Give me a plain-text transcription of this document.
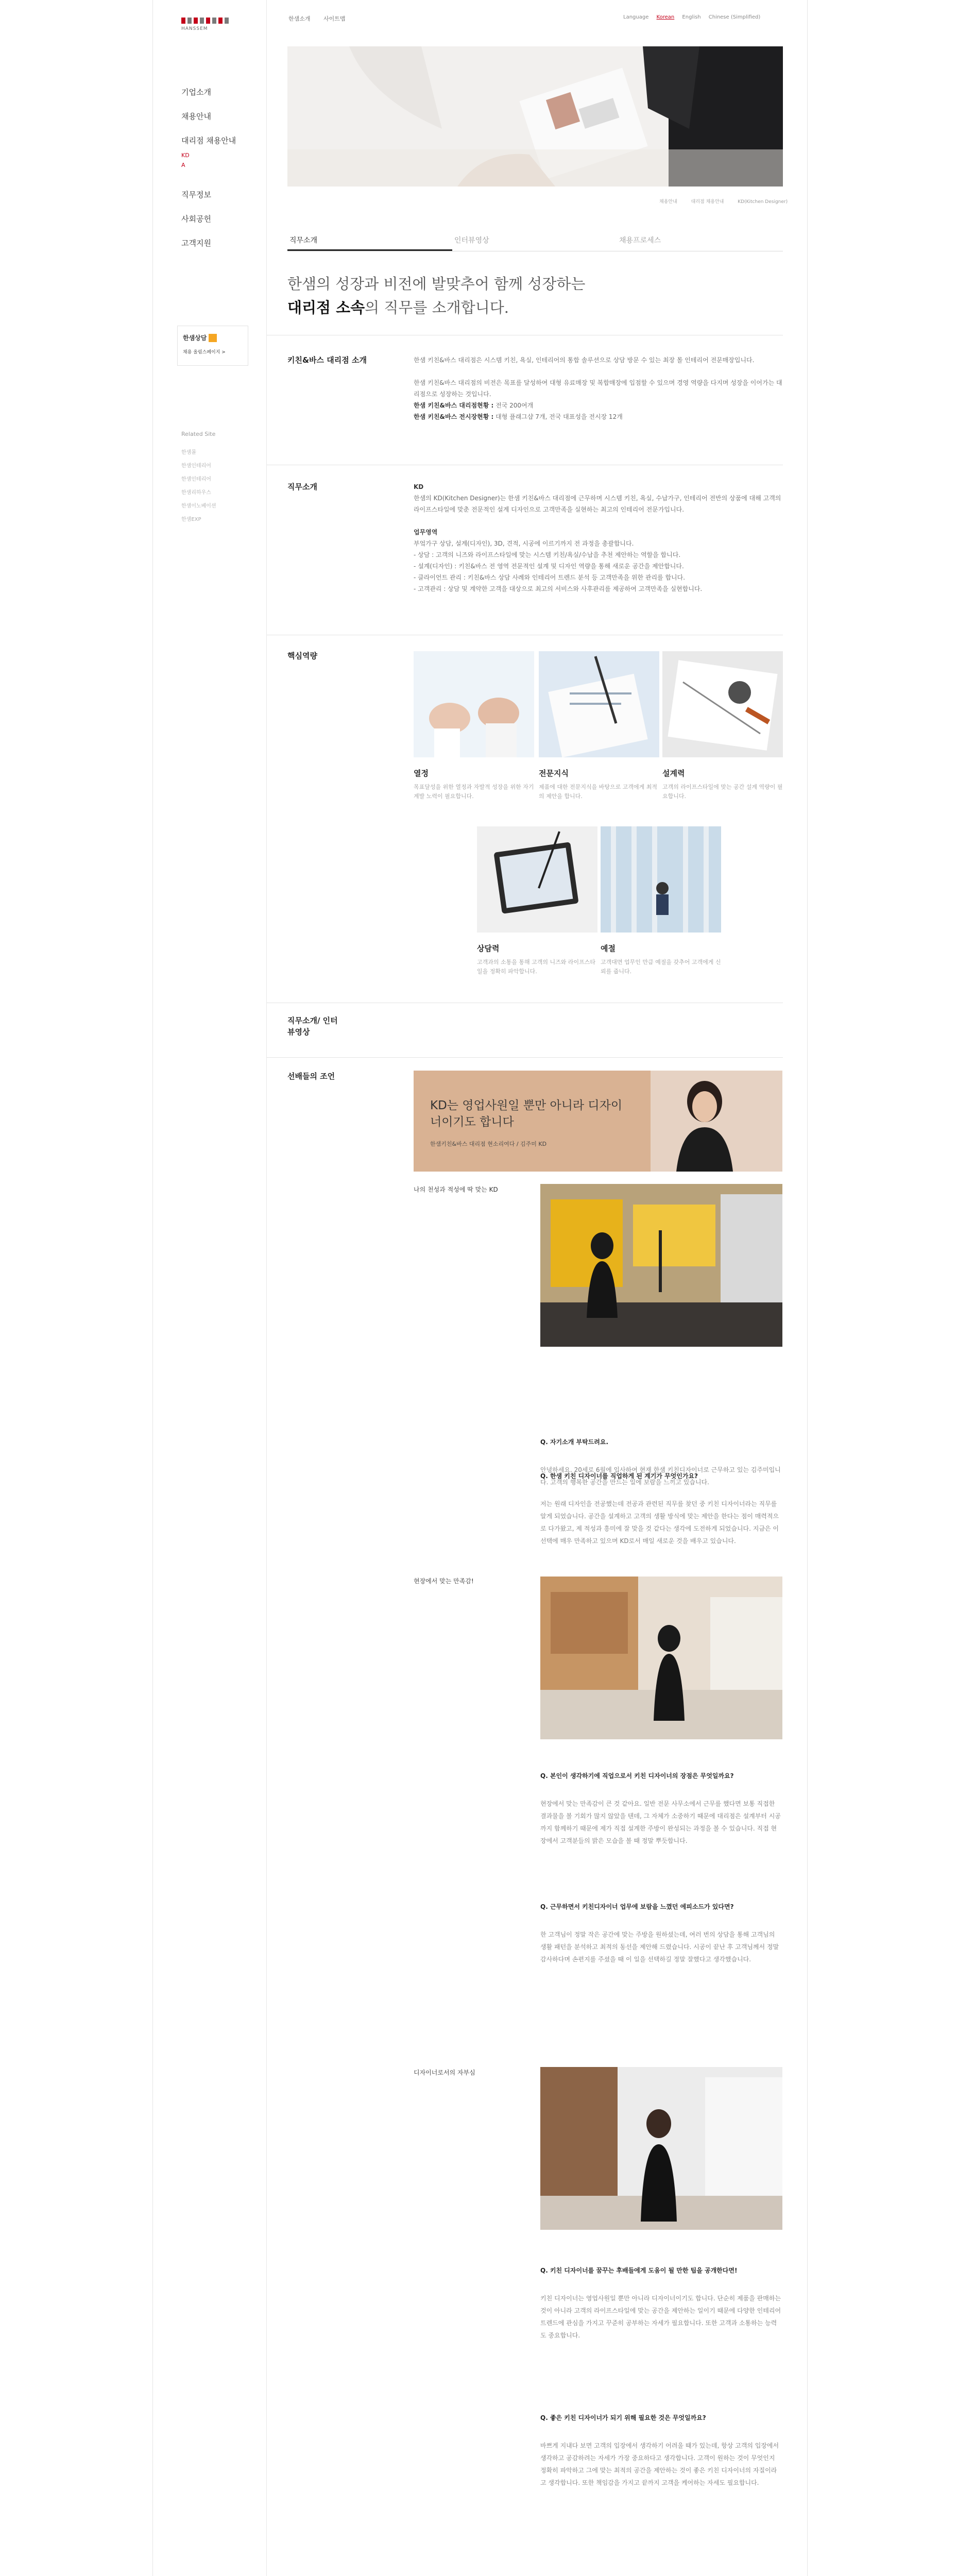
HANSSEM
기업소개
채용안내
대리점 채용안내
KD
A
직무정보
사회공헌
고객지원
한샘상담
채용 올림스페이지 >
Related Site
한샘몰
한샘인테리어
한샘인테리어
한샘리하우스
한샘이노베이션
한샘EXP
한샘소개 사이트맵	Language Korean English Chinese (Simplified)
채용안내	대리점 채용안내	KD(Kitchen Designer)
직무소개	인터뷰영상	채용프로세스
한샘의 성장과 비전에 발맞추어 함께 성장하는
대리점 소속의 직무를 소개합니다.
키친&바스 대리점 소개	한샘 키친&바스 대리점은 시스템 키친, 욕실, 인테리어의 통합 솔루션으로 상담 방문 수 있는 최장 몰 인테리어 전문매장입니다.
한샘 키친&바스 대리점의 비전은 목표를 달성하여 대형 유료매장 및 복합매장에 입점할 수 있으며 경영 역량을 다지며 성장을 이어가는 대리점으로 성장하는 것입니다.
한샘 키친&바스 대리점현황 : 전국 200여개
한샘 키친&바스 전시장현황 : 대형 플래그샵 7개, 전국 대표성을 전시장 12개
직무소개	KD
한샘의 KD(Kitchen Designer)는 한샘 키친&바스 대리점에 근무하며 시스템 키친, 욕실, 수납가구, 인테리어 전반의 상품에 대해 고객의 라이프스타일에 맞춘 전문적인 설계 디자인으로 고객만족을 실현하는 최고의 인테리어 전문가입니다.
업무영역
부엌가구 상담, 설계(디자인), 3D, 견적, 시공에 이르기까지 전 과정을 총괄합니다.
- 상담 : 고객의 니즈와 라이프스타일에 맞는 시스템 키친/욕실/수납을 추천 제안하는 역할을 합니다.
- 설계(디자인) : 키친&바스 전 영역 전문적인 설계 및 디자인 역량을 통해 새로운 공간을 제안합니다.
- 클라이언트 관리 : 키친&바스 상담 사례와 인테리어 트렌드 분석 등 고객만족을 위한 관리를 합니다.
- 고객관리 : 상담 및 계약한 고객을 대상으로 최고의 서비스와 사후관리를 제공하여 고객만족을 실현합니다.
핵심역량
열정
목표달성을 위한 열정과 자발적 성장을 위한 자기계발 노력이 필요합니다.
전문지식
제품에 대한 전문지식을 바탕으로 고객에게 최적의 제안을 합니다.
설계력
고객의 라이프스타일에 맞는 공간 설계 역량이 필요합니다.
상담력
고객과의 소통을 통해 고객의 니즈와 라이프스타일을 정확히 파악합니다.
예절
고객대면 업무인 만큼 예절을 갖추어 고객에게 신뢰를 줍니다.
직무소개/ 인터뷰영상
선배들의 조언
KD는 영업사원일 뿐만 아니라 디자이너이기도 합니다
한샘키친&바스 대리점 현소리여다 / 김주미 KD
나의 천성과 적성에 딱 맞는 KD
Q. 자기소개 부탁드려요.
안녕하세요. 20세로 6월에 입사하여 현재 한샘 키친디자이너로 근무하고 있는 김주미입니다. 고객의 행복한 공간을 만드는 일에 보람을 느끼고 있습니다.
Q. 한샘 키친 디자이너를 직업하게 된 계기가 무엇인가요?
저는 원래 디자인을 전공했는데 전공과 관련된 직무를 찾던 중 키친 디자이너라는 직무를 알게 되었습니다. 공간을 설계하고 고객의 생활 방식에 맞는 제안을 한다는 점이 매력적으로 다가왔고, 제 적성과 흥미에 잘 맞을 것 같다는 생각에 도전하게 되었습니다. 지금은 이 선택에 매우 만족하고 있으며 KD로서 매일 새로운 것을 배우고 있습니다.
현장에서 맞는 만족감!
Q. 본인이 생각하기에 직업으로서 키친 디자이너의 장점은 무엇일까요?
현장에서 맞는 만족감이 큰 것 같아요. 일반 전문 사무소에서 근무를 했다면 보통 직접한 결과물을 볼 기회가 많지 않았을 텐데, 그 자체가 소중하기 때문에 대리점은 설계부터 시공까지 함께하기 때문에 제가 직접 설계한 주방이 완성되는 과정을 볼 수 있습니다. 직접 현장에서 고객분들의 밝은 모습을 볼 때 정말 뿌듯합니다.
Q. 근무하면서 키친디자이너 업무에 보람을 느꼈던 에피소드가 있다면?
한 고객님이 정말 작은 공간에 맞는 주방을 원하셨는데, 여러 번의 상담을 통해 고객님의 생활 패턴을 분석하고 최적의 동선을 제안해 드렸습니다. 시공이 끝난 후 고객님께서 정말 감사하다며 손편지를 주셨을 때 이 일을 선택하길 정말 잘했다고 생각했습니다.
디자이너로서의 자부심
Q. 키친 디자이너를 꿈꾸는 후배들에게 도움이 될 만한 팁을 공개한다면!
키친 디자이너는 영업사원일 뿐만 아니라 디자이너이기도 합니다. 단순히 제품을 판매하는 것이 아니라 고객의 라이프스타일에 맞는 공간을 제안하는 일이기 때문에 다양한 인테리어 트렌드에 관심을 가지고 꾸준히 공부하는 자세가 필요합니다. 또한 고객과 소통하는 능력도 중요합니다.
Q. 좋은 키친 디자이너가 되기 위해 필요한 것은 무엇일까요?
바쁘게 지내다 보면 고객의 입장에서 생각하기 어려울 때가 있는데, 항상 고객의 입장에서 생각하고 공감하려는 자세가 가장 중요하다고 생각합니다. 고객이 원하는 것이 무엇인지 정확히 파악하고 그에 맞는 최적의 공간을 제안하는 것이 좋은 키친 디자이너의 자질이라고 생각합니다. 또한 책임감을 가지고 끝까지 고객을 케어하는 자세도 필요합니다.
